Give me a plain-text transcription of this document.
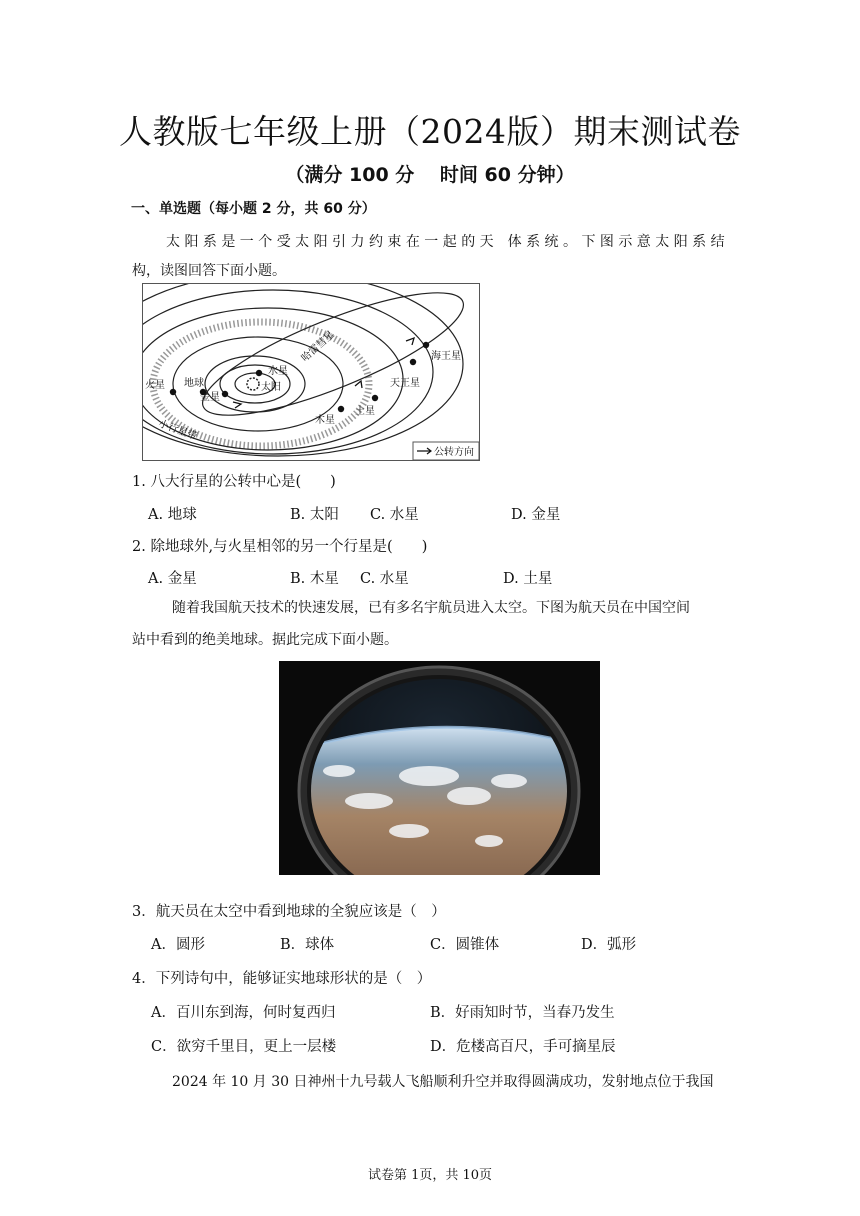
人教版七年级上册（2024版）期末测试卷
（满分 100 分　 时间 60 分钟）
一、单选题（每小题 2 分，共 60 分）
太 阳 系 是 一 个 受 太 阳 引 力 约 束 在 一 起 的 天　体 系 统 。 下 图 示 意 太 阳 系 结
构，读图回答下面小题。
水星
太阳
金星
地球
火星
木星
土星
天王星
海王星
哈雷彗星
小行星带
公转方向
1. 八大行星的公转中心是(　　)
A. 地球	B. 太阳 C. 水星	D. 金星
2. 除地球外,与火星相邻的另一个行星是(　　)
A. 金星	B. 木星 C. 水星	D. 土星
随着我国航天技术的快速发展，已有多名宇航员进入太空。下图为航天员在中国空间
站中看到的绝美地球。据此完成下面小题。
3．航天员在太空中看到地球的全貌应该是（　）
A．圆形	B．球体	C．圆锥体	D．弧形
4．下列诗句中，能够证实地球形状的是（　）
A．百川东到海，何时复西归	B．好雨知时节，当春乃发生
C．欲穷千里目，更上一层楼	D．危楼高百尺，手可摘星辰
2024 年 10 月 30 日神州十九号载人飞船顺利升空并取得圆满成功，发射地点位于我国
试卷第 1页，共 10页
